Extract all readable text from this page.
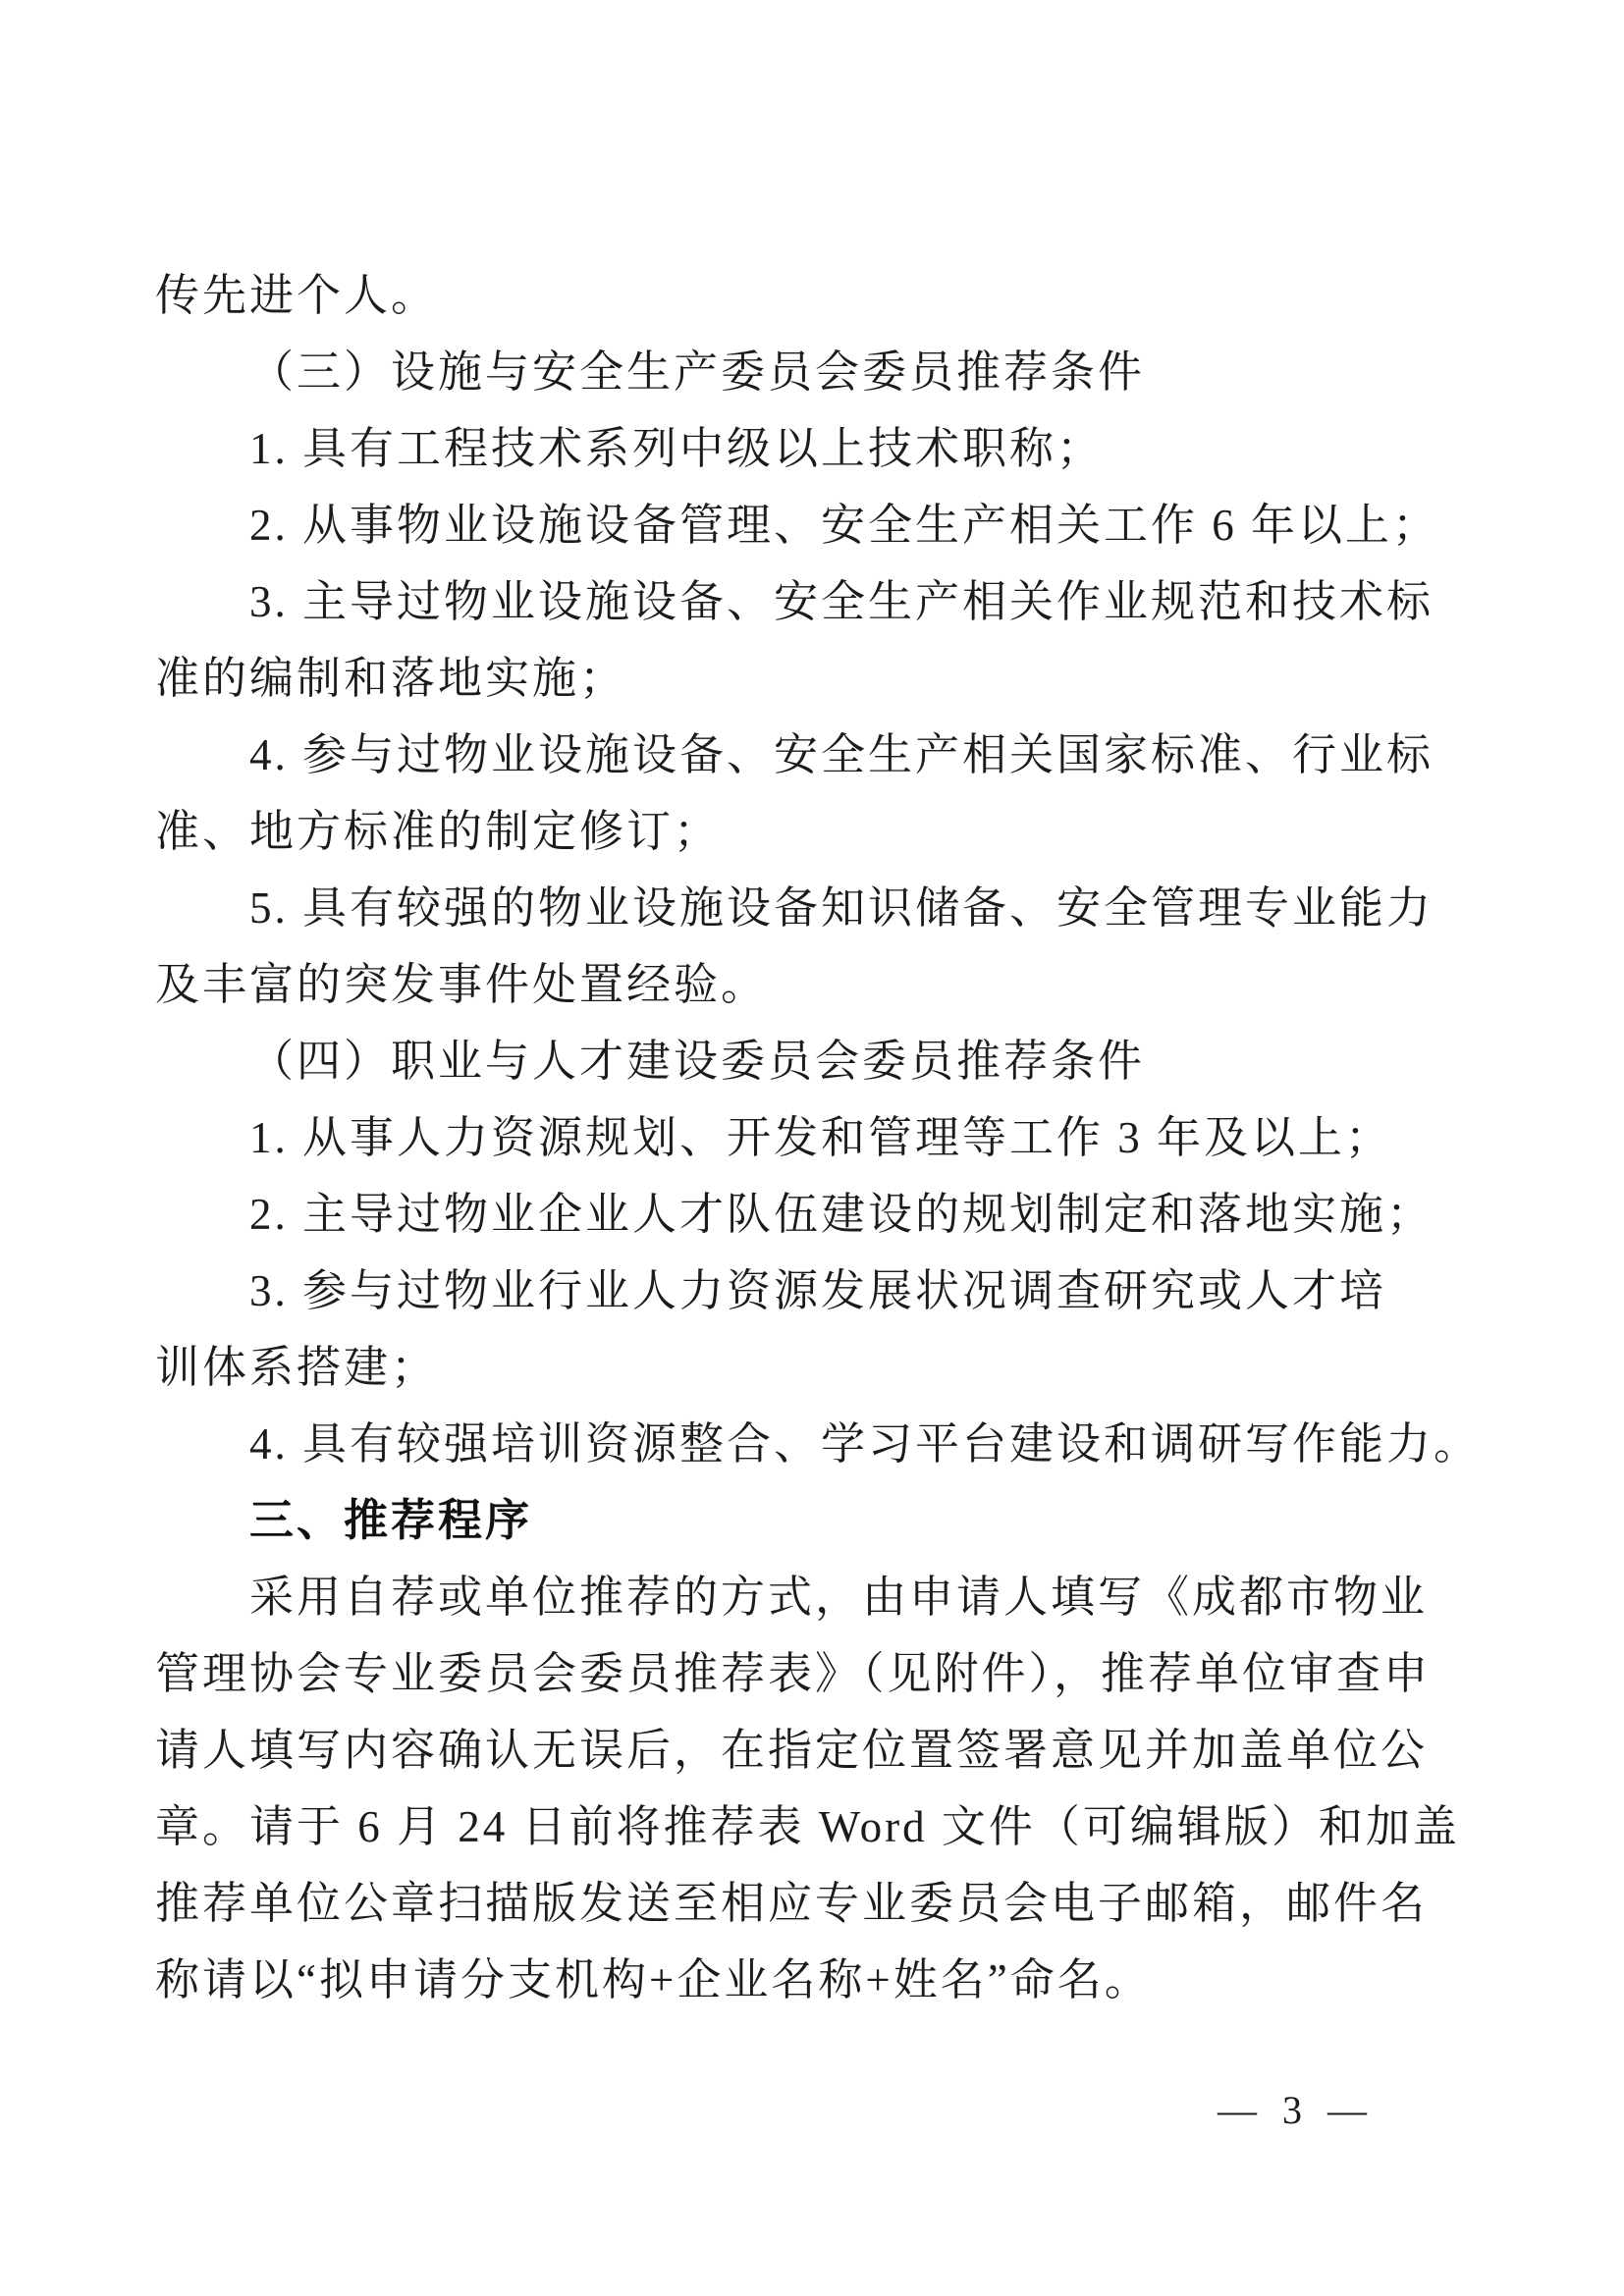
传先进个人。
（三）设施与安全生产委员会委员推荐条件
1. 具有工程技术系列中级以上技术职称；
2. 从事物业设施设备管理、安全生产相关工作 6 年以上；
3. 主导过物业设施设备、安全生产相关作业规范和技术标
准的编制和落地实施；
4. 参与过物业设施设备、安全生产相关国家标准、行业标
准、地方标准的制定修订；
5. 具有较强的物业设施设备知识储备、安全管理专业能力
及丰富的突发事件处置经验。
（四）职业与人才建设委员会委员推荐条件
1. 从事人力资源规划、开发和管理等工作 3 年及以上；
2. 主导过物业企业人才队伍建设的规划制定和落地实施；
3. 参与过物业行业人力资源发展状况调查研究或人才培
训体系搭建；
4. 具有较强培训资源整合、学习平台建设和调研写作能力。
三、推荐程序
采用自荐或单位推荐的方式，由申请人填写《成都市物业
管理协会专业委员会委员推荐表》（见附件），推荐单位审查申
请人填写内容确认无误后，在指定位置签署意见并加盖单位公
章。请于 6 月 24 日前将推荐表 Word 文件（可编辑版）和加盖
推荐单位公章扫描版发送至相应专业委员会电子邮箱，邮件名
称请以“拟申请分支机构+企业名称+姓名”命名。
— 3 —
